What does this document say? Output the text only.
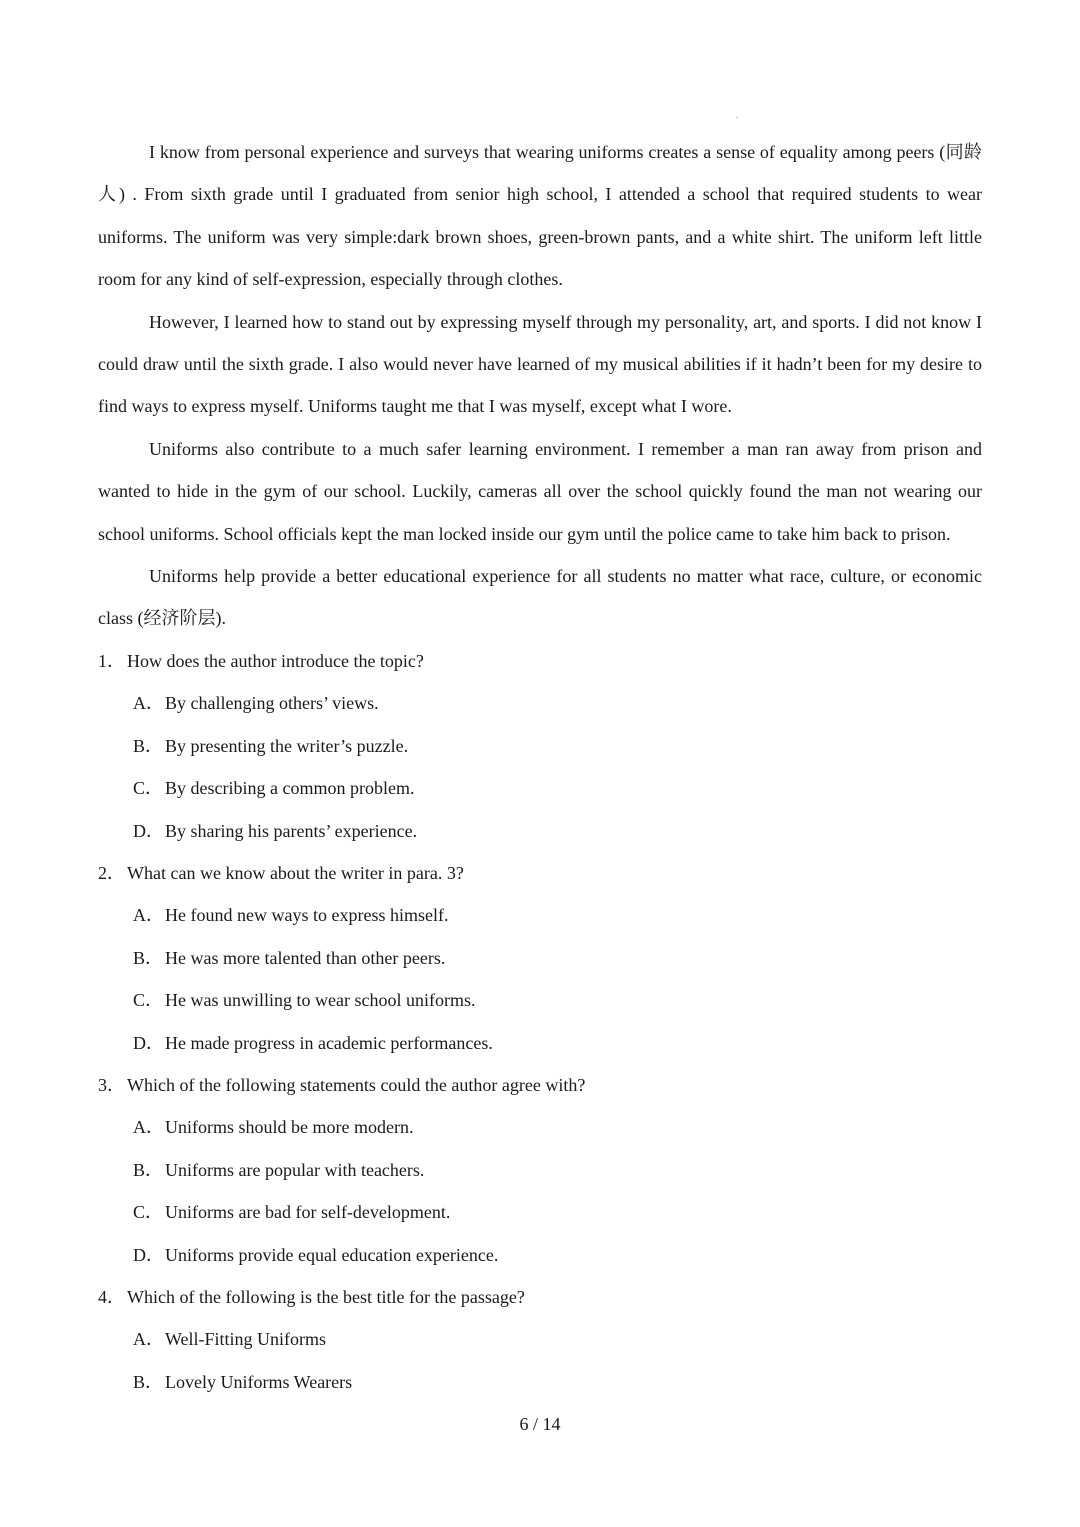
I know from personal experience and surveys that wearing uniforms creates a sense of equality among peers (同龄人) . From sixth grade until I graduated from senior high school, I attended a school that required students to wear uniforms. The uniform was very simple:dark brown shoes, green-brown pants, and a white shirt. The uniform left little room for any kind of self-expression, especially through clothes.

However, I learned how to stand out by expressing myself through my personality, art, and sports. I did not know I could draw until the sixth grade. I also would never have learned of my musical abilities if it hadn’t been for my desire to find ways to express myself. Uniforms taught me that I was myself, except what I wore.

Uniforms also contribute to a much safer learning environment. I remember a man ran away from prison and wanted to hide in the gym of our school. Luckily, cameras all over the school quickly found the man not wearing our school uniforms. School officials kept the man locked inside our gym until the police came to take him back to prison.

Uniforms help provide a better educational experience for all students no matter what race, culture, or economic class (经济阶层).

1． How does the author introduce the topic?

A．By challenging others’ views.

B． By presenting the writer’s puzzle.

C． By describing a common problem.

D．By sharing his parents’ experience.

2． What can we know about the writer in para. 3?

A．He found new ways to express himself.

B． He was more talented than other peers.

C． He was unwilling to wear school uniforms.

D．He made progress in academic performances.

3． Which of the following statements could the author agree with?

A．Uniforms should be more modern.

B． Uniforms are popular with teachers.

C． Uniforms are bad for self-development.

D．Uniforms provide equal education experience.

4． Which of the following is the best title for the passage?

A．Well-Fitting Uniforms

B． Lovely Uniforms Wearers

6 / 14
